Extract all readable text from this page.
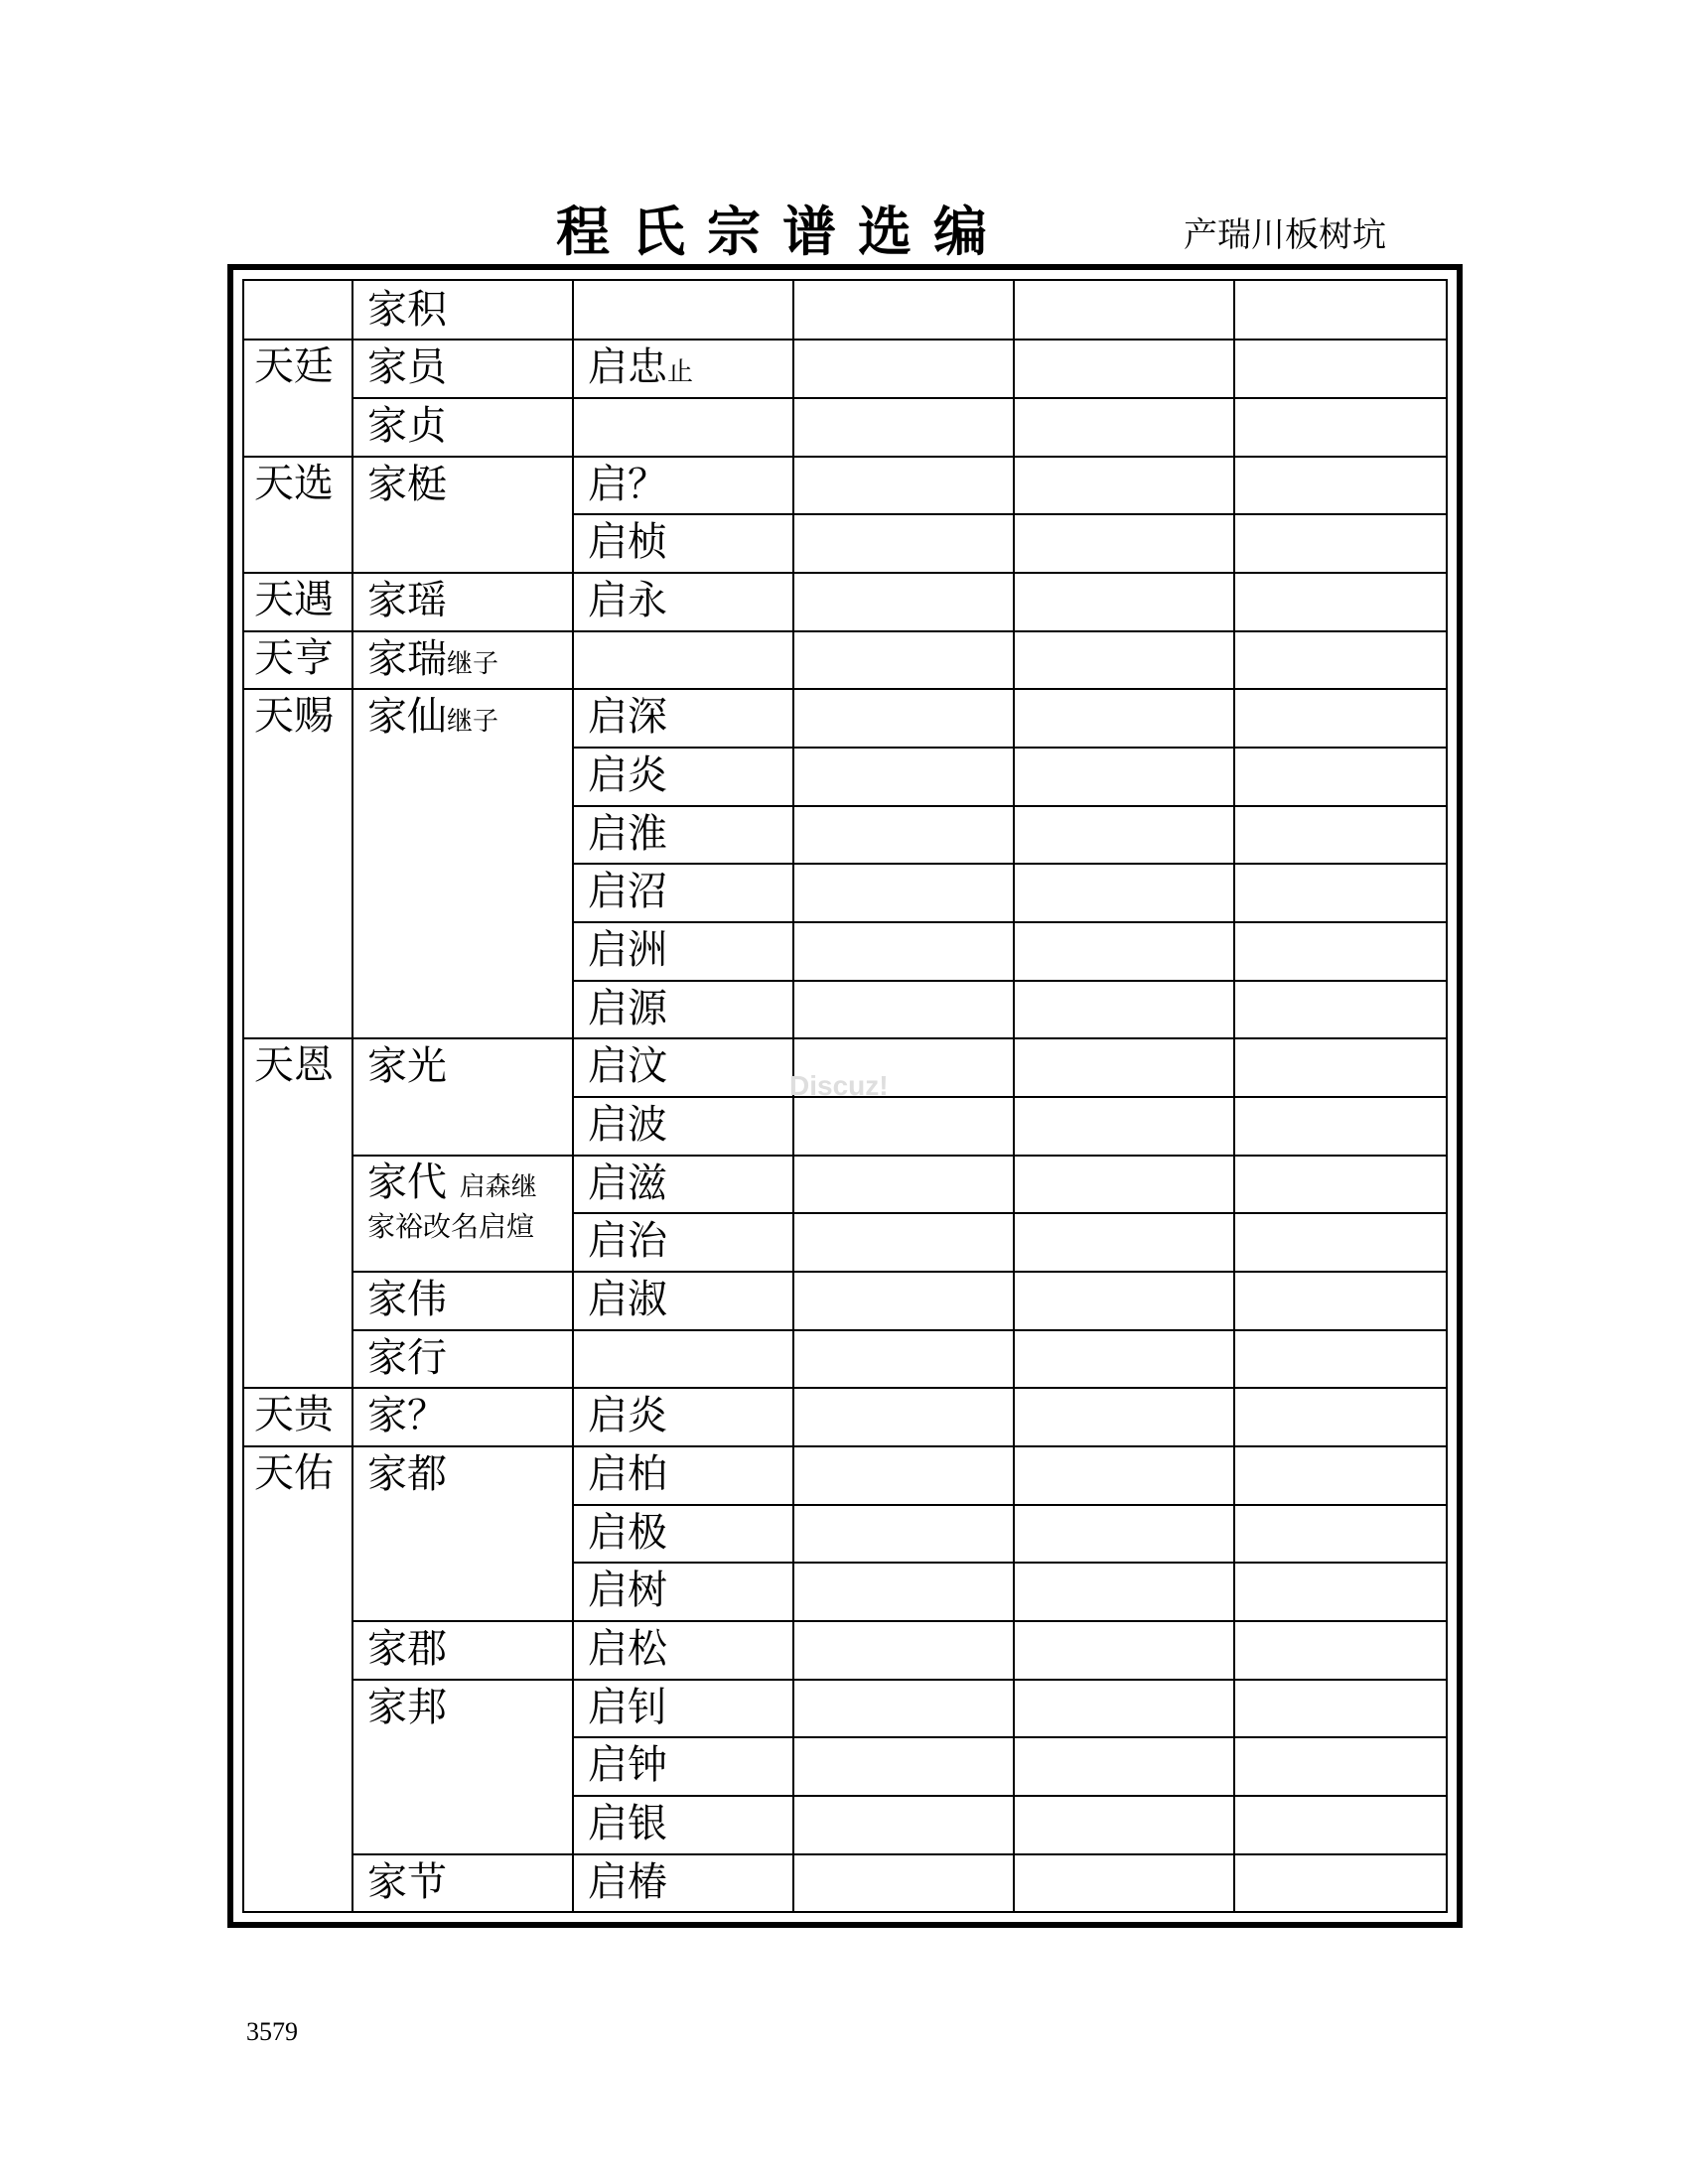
程氏宗谱选编	产瑞川板树坑
天廷
天选
天遇
天亨
天赐
天恩
天贵
天佑
家积
家员
家贞
家梃
家瑶
家瑞继子
家仙继子
家光
家代 启森继
家裕改名启煊
家伟
家行
家？
家都
家郡
家邦
家节
启忠止
启？
启桢
启永
启深
启炎
启淮
启沼
启洲
启源
启汶
启波
启滋
启治
启淑
启炎
启柏
启极
启树
启松
启钊
启钟
启银
启椿
Discuz!
3579
